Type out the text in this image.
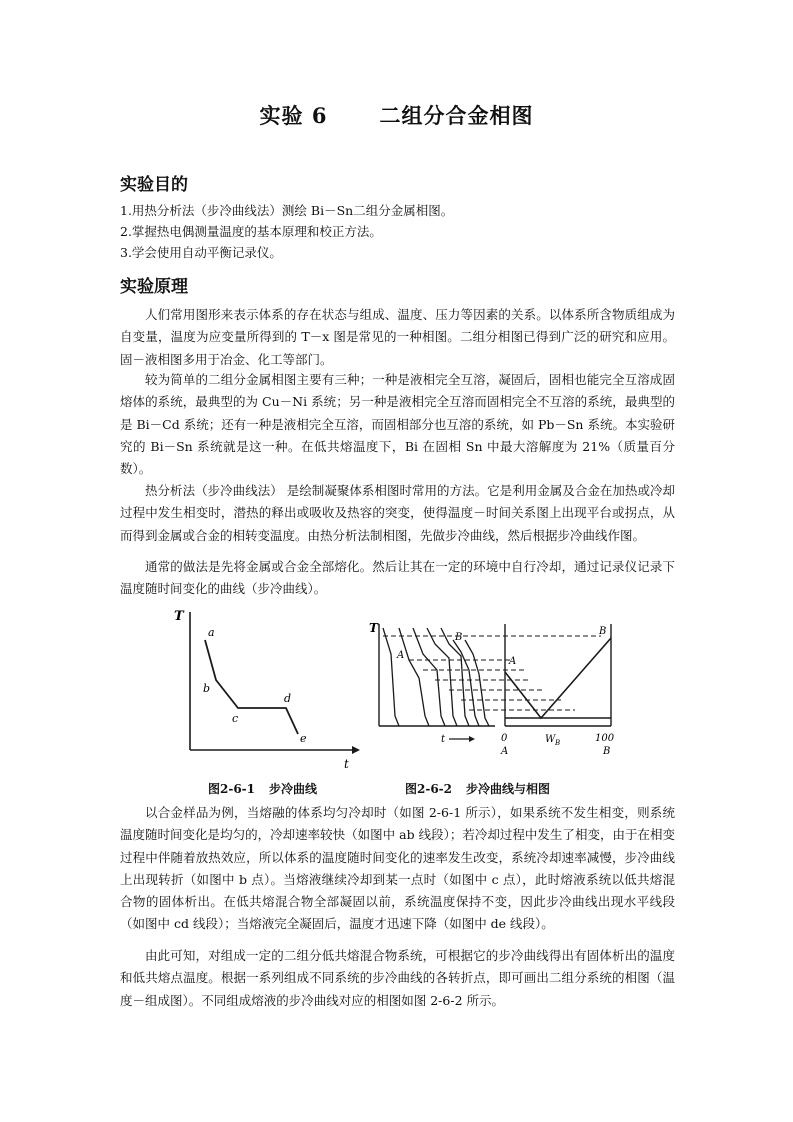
实验 6 二组分合金相图
实验目的
1.用热分析法（步冷曲线法）测绘 Bi－Sn二组分金属相图。
2.掌握热电偶测量温度的基本原理和校正方法。
3.学会使用自动平衡记录仪。
实验原理

人们常用图形来表示体系的存在状态与组成、温度、压力等因素的关系。以体系所含物质组成为自变量，温度为应变量所得到的 T－x 图是常见的一种相图。二组分相图已得到广泛的研究和应用。固－液相图多用于冶金、化工等部门。

较为简单的二组分金属相图主要有三种；一种是液相完全互溶，凝固后，固相也能完全互溶成固熔体的系统，最典型的为 Cu－Ni 系统；另一种是液相完全互溶而固相完全不互溶的系统，最典型的是 Bi－Cd 系统；还有一种是液相完全互溶，而固相部分也互溶的系统，如 Pb－Sn 系统。本实验研究的 Bi－Sn 系统就是这一种。在低共熔温度下，Bi 在固相 Sn 中最大溶解度为 21%（质量百分数）。

热分析法（步冷曲线法） 是绘制凝聚体系相图时常用的方法。它是利用金属及合金在加热或冷却过程中发生相变时，潜热的释出或吸收及热容的突变，使得温度－时间关系图上出现平台或拐点，从而得到金属或合金的相转变温度。由热分析法制相图，先做步冷曲线，然后根据步冷曲线作图。

通常的做法是先将金属或合金全部熔化。然后让其在一定的环境中自行冷却，通过记录仪记录下温度随时间变化的曲线（步冷曲线）。

T
t
a
b
c
d
e
T
A
B
A
B
t	0
A
W B	100
B
图2-6-1 步冷曲线	图2-6-2 步冷曲线与相图

以合金样品为例，当熔融的体系均匀冷却时（如图 2-6-1 所示），如果系统不发生相变，则系统温度随时间变化是均匀的，冷却速率较快（如图中 ab 线段）；若冷却过程中发生了相变，由于在相变过程中伴随着放热效应，所以体系的温度随时间变化的速率发生改变，系统冷却速率减慢，步冷曲线上出现转折（如图中 b 点）。当熔液继续冷却到某一点时（如图中 c 点），此时熔液系统以低共熔混合物的固体析出。在低共熔混合物全部凝固以前，系统温度保持不变，因此步冷曲线出现水平线段（如图中 cd 线段）；当熔液完全凝固后，温度才迅速下降（如图中 de 线段）。

由此可知，对组成一定的二组分低共熔混合物系统，可根据它的步冷曲线得出有固体析出的温度和低共熔点温度。根据一系列组成不同系统的步冷曲线的各转折点，即可画出二组分系统的相图（温度－组成图）。不同组成熔液的步冷曲线对应的相图如图 2-6-2 所示。
